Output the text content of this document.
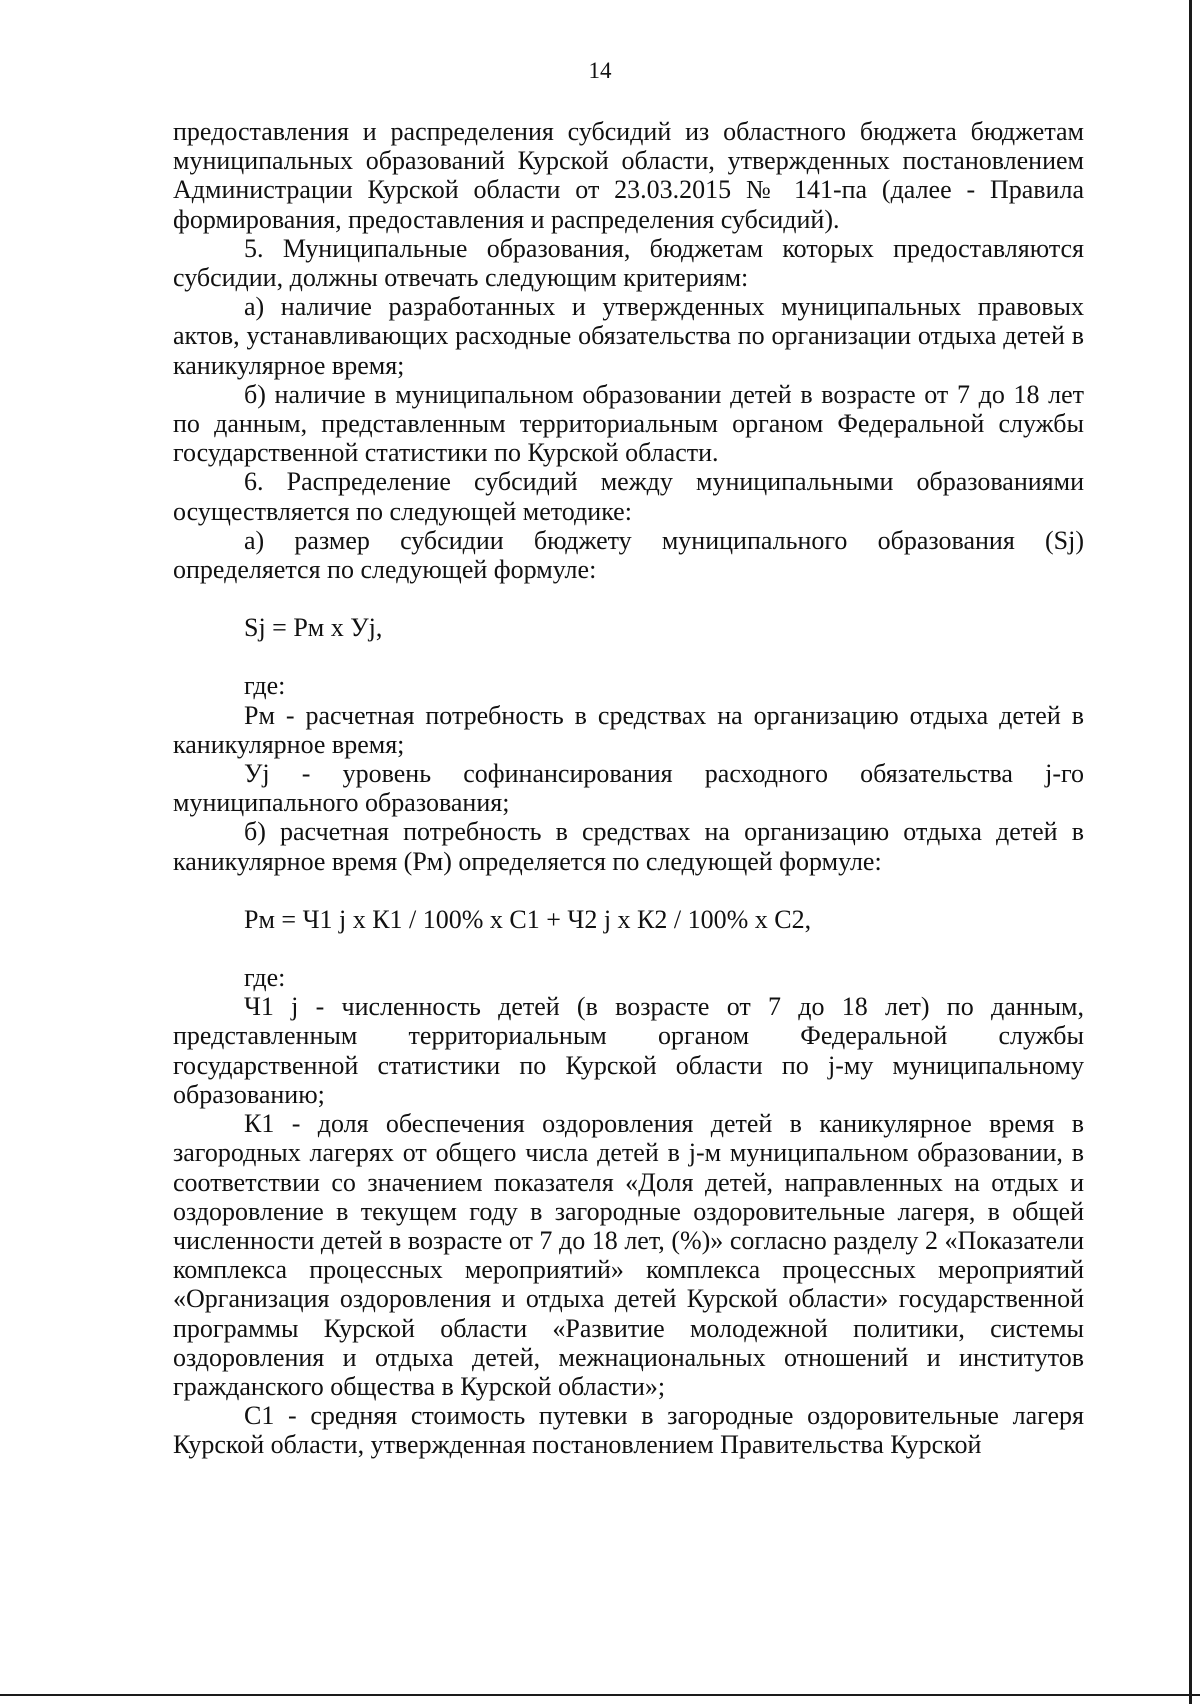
14

предоставления и распределения субсидий из областного бюджета бюджетам муниципальных образований Курской области, утвержденных постановлением Администрации Курской области от 23.03.2015 № 141-па (далее - Правила формирования, предоставления и распределения субсидий).

5. Муниципальные образования, бюджетам которых предоставляются субсидии, должны отвечать следующим критериям:

а) наличие разработанных и утвержденных муниципальных правовых актов, устанавливающих расходные обязательства по организации отдыха детей в каникулярное время;

б) наличие в муниципальном образовании детей в возрасте от 7 до 18 лет по данным, представленным территориальным органом Федеральной службы государственной статистики по Курской области.

6. Распределение субсидий между муниципальными образованиями осуществляется по следующей методике:

а) размер субсидии бюджету муниципального образования (Sj) определяется по следующей формуле:

Sj = Рм х Уj,

где:

Рм - расчетная потребность в средствах на организацию отдыха детей в каникулярное время;

Уj - уровень софинансирования расходного обязательства j-го муниципального образования;

б) расчетная потребность в средствах на организацию отдыха детей в каникулярное время (Рм) определяется по следующей формуле:

Рм = Ч1 j х К1 / 100% х С1 + Ч2 j х К2 / 100% х С2,

где:

Ч1 j - численность детей (в возрасте от 7 до 18 лет) по данным, представленным территориальным органом Федеральной службы государственной статистики по Курской области по j-му муниципальному образованию;

К1 - доля обеспечения оздоровления детей в каникулярное время в загородных лагерях от общего числа детей в j-м муниципальном образовании, в соответствии со значением показателя «Доля детей, направленных на отдых и оздоровление в текущем году в загородные оздоровительные лагеря, в общей численности детей в возрасте от 7 до 18 лет, (%)» согласно разделу 2 «Показатели комплекса процессных мероприятий» комплекса процессных мероприятий «Организация оздоровления и отдыха детей Курской области» государственной программы Курской области «Развитие молодежной политики, системы оздоровления и отдыха детей, межнациональных отношений и институтов гражданского общества в Курской области»;

С1 - средняя стоимость путевки в загородные оздоровительные лагеря Курской области, утвержденная постановлением Правительства Курской
